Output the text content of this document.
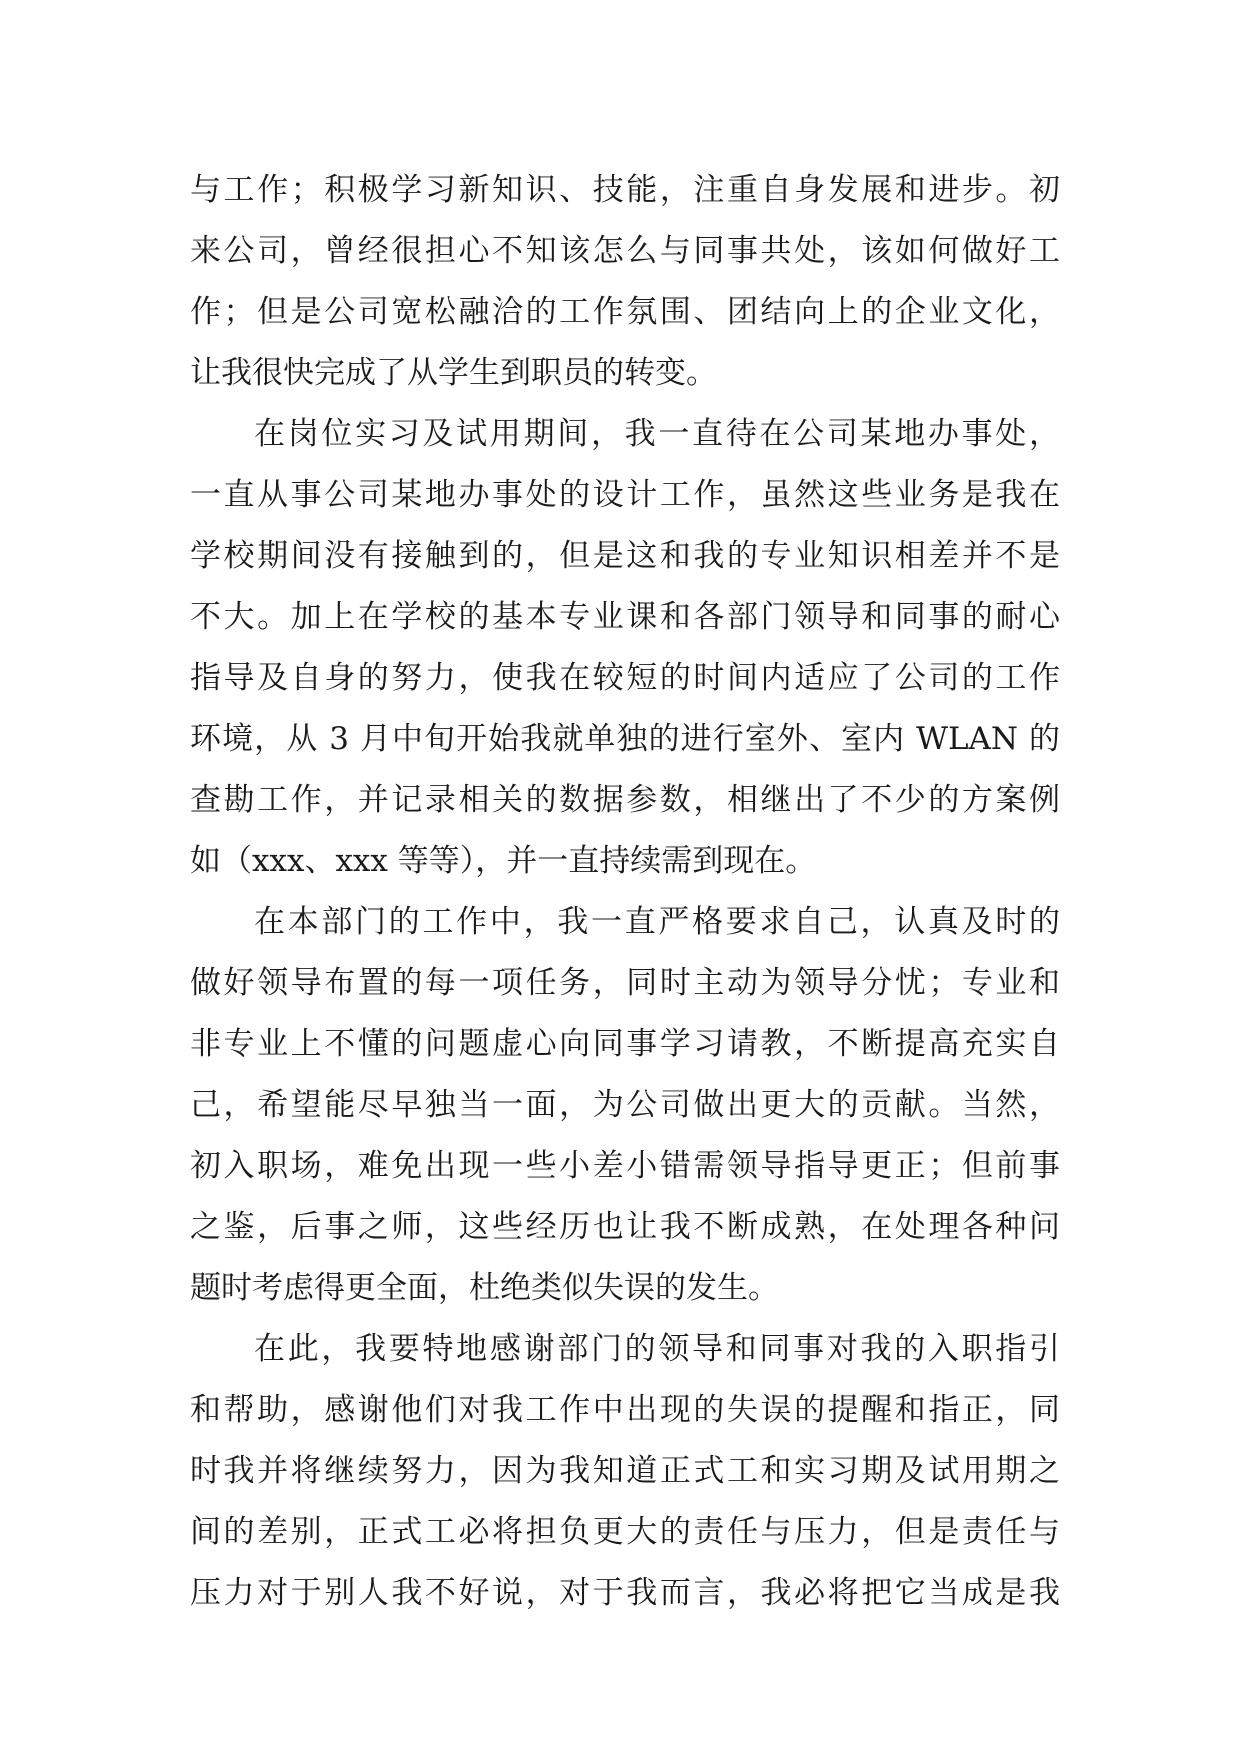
与工作；积极学习新知识、技能，注重自身发展和进步。初
来公司，曾经很担心不知该怎么与同事共处，该如何做好工
作；但是公司宽松融洽的工作氛围、团结向上的企业文化，
让我很快完成了从学生到职员的转变。
在岗位实习及试用期间，我一直待在公司某地办事处，
一直从事公司某地办事处的设计工作，虽然这些业务是我在
学校期间没有接触到的，但是这和我的专业知识相差并不是
不大。加上在学校的基本专业课和各部门领导和同事的耐心
指导及自身的努力，使我在较短的时间内适应了公司的工作
环境，从 3 月中旬开始我就单独的进行室外、室内 WLAN 的
查勘工作，并记录相关的数据参数，相继出了不少的方案例
如（xxx、xxx 等等），并一直持续需到现在。
在本部门的工作中，我一直严格要求自己，认真及时的
做好领导布置的每一项任务，同时主动为领导分忧；专业和
非专业上不懂的问题虚心向同事学习请教，不断提高充实自
己，希望能尽早独当一面，为公司做出更大的贡献。当然，
初入职场，难免出现一些小差小错需领导指导更正；但前事
之鉴，后事之师，这些经历也让我不断成熟，在处理各种问
题时考虑得更全面，杜绝类似失误的发生。
在此，我要特地感谢部门的领导和同事对我的入职指引
和帮助，感谢他们对我工作中出现的失误的提醒和指正，同
时我并将继续努力，因为我知道正式工和实习期及试用期之
间的差别，正式工必将担负更大的责任与压力，但是责任与
压力对于别人我不好说，对于我而言，我必将把它当成是我
